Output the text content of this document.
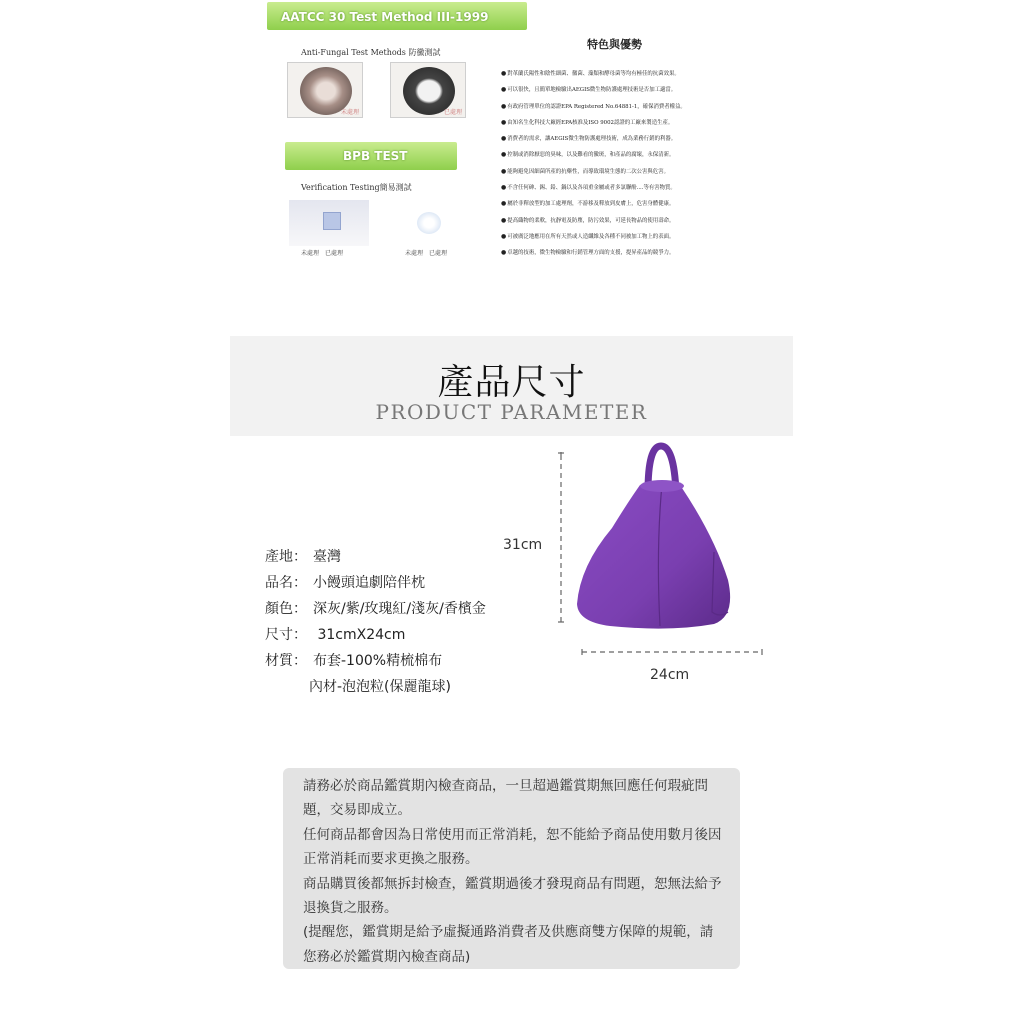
AATCC 30 Test Method III-1999
Anti-Fungal Test Methods 防黴測試
未處理	已處理
BPB TEST
Verification Testing簡易測試
未處理　已處理	未處理　已處理
特色與優勢
● 對革蘭氏陽性和陰性細菌、黴菌、藻類和酵母菌等均有極佳的抗菌效果。
● 可以很快，且簡單地檢驗出AEGIS微生物防護處理技術是否加工適當。
● 有政府管理單位的認證EPA Registered No.64881-1，確保消費者權益。
● 由知名生化科技大廠經EPA核准及ISO 9002認證的工廠來製造生產。
● 消費者的需求，讓AEGIS微生物防護處理技術，成為業務行銷的利器。
● 控制或消除厭惡的臭味，以及難看的黴斑，和產品的腐壞，永保清新。
● 能夠避免因細菌所產的抗藥性，而導致環境生態的二次公害與危害。
● 不含任何砷、錫、鉛、鍋以及各項重金屬或者多氯聯酚....等有害物質。
● 屬於非釋放型的加工處理劑，不游移及釋放到皮膚上，危害身體健康。
● 提高織物的柔軟，抗靜電及防塵，防污效果，可延長物品的使用壽命。
● 可被廣泛地應用在所有天然或人造纖維及各種不同被加工物上的表面。
● 卓越的技術，微生物檢驗和行銷管理方面的支援，提昇產品的競爭力。
產品尺寸
PRODUCT PARAMETER
產地： 臺灣
品名： 小饅頭追劇陪伴枕
顏色： 深灰/紫/玫瑰紅/淺灰/香檳金
尺寸： 31cmX24cm
材質： 布套-100%精梳棉布
內材-泡泡粒(保麗龍球)
31cm
24cm

請務必於商品鑑賞期內檢查商品，一旦超過鑑賞期無回應任何瑕疵問題，交易即成立。

任何商品都會因為日常使用而正常消耗，恕不能給予商品使用數月後因正常消耗而要求更換之服務。

商品購買後都無拆封檢查，鑑賞期過後才發現商品有問題，恕無法給予退換貨之服務。

(提醒您，鑑賞期是給予虛擬通路消費者及供應商雙方保障的規範，請您務必於鑑賞期內檢查商品)
